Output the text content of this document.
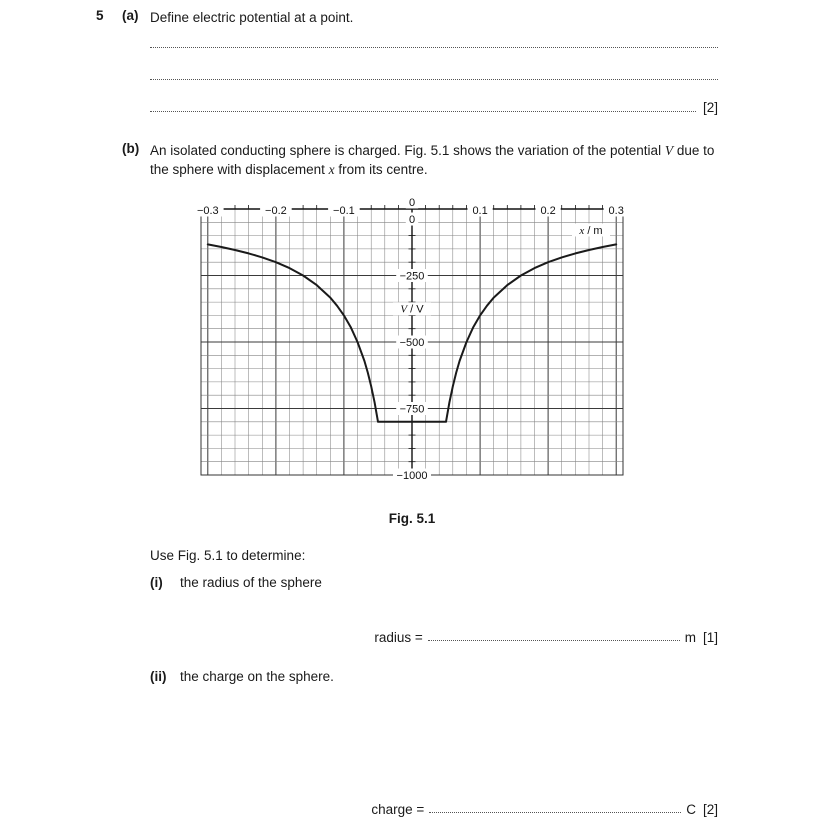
5	(a) Define electric potential at a point.

[2]
(b) An isolated conducting sphere is charged. Fig. 5.1 shows the variation of the potential V due to the sphere with displacement x from its centre.

−0.3	−0.2	−0.1
0
0.1	0.2	0.3
0
−250
−500
−750
−1000
V / V
x / m
Fig. 5.1

Use Fig. 5.1 to determine:

(i)	the radius of the sphere
radius =	m [1]
(ii)	the charge on the sphere.
charge =	C [2]
